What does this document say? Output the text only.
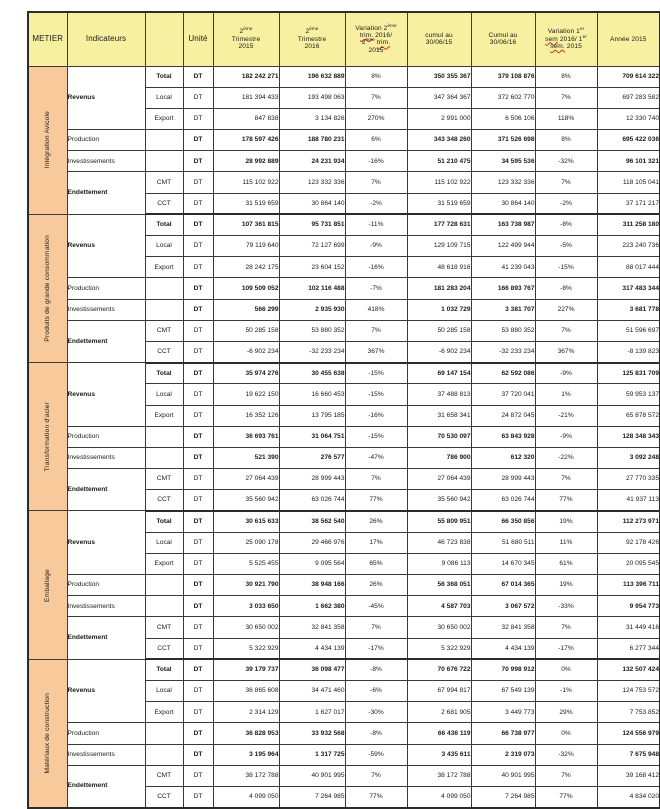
METIER	Indicateurs		Unité	2ème
Trimestre
2015	2ème
Trimestre
2016	Variation 2ème
trim. 2016/
2ème trim.
2015	cumul au
30/06/15	Cumul au
30/06/16	Variation 1er
sem 2016/ 1er
sem. 2015	Année 2015

Intégration Avicole	Revenus	Total	DT	182 242 271	196 632 889	8%	350 355 367	379 108 876	8%	709 614 322
		Local	DT	181 394 433	193 498 063	7%	347 364 367	372 602 770	7%	697 283 582
		Export	DT	847 838	3 134 826	270%	2 991 000	6 506 106	118%	12 330 740
	Production		DT	178 597 426	188 780 231	6%	343 348 260	371 526 698	8%	695 422 036
	Investissements		DT	28 992 889	24 231 934	-16%	51 210 475	34 595 536	-32%	96 101 321
	Endettement	CMT	DT	115 102 922	123 332 336	7%	115 102 922	123 332 336	7%	118 105 041
		CCT	DT	31 519 659	30 864 140	-2%	31 519 659	30 864 140	-2%	37 171 217

Produits de grande consommation	Revenus	Total	DT	107 361 815	95 731 851	-11%	177 728 631	163 738 987	-8%	311 258 180
		Local	DT	79 119 640	72 127 699	-9%	129 109 715	122 499 944	-5%	223 240 736
		Export	DT	28 242 175	23 604 152	-16%	48 618 916	41 239 043	-15%	88 017 444
	Production		DT	109 509 052	102 116 488	-7%	181 283 204	166 893 767	-8%	317 483 344
	Investissements		DT	566 299	2 935 930	418%	1 032 729	3 381 707	227%	3 681 778
	Endettement	CMT	DT	50 285 158	53 880 352	7%	50 285 158	53 880 352	7%	51 596 697
		CCT	DT	-6 902 234	-32 233 234	367%	-6 902 234	-32 233 234	367%	-8 139 823

Transformation d'acier	Revenus	Total	DT	35 974 276	30 455 638	-15%	69 147 154	62 592 086	-9%	125 831 709
		Local	DT	19 622 150	16 660 453	-15%	37 488 813	37 720 041	1%	59 953 137
		Export	DT	16 352 126	13 795 185	-16%	31 658 341	24 872 045	-21%	65 878 572
	Production		DT	36 693 761	31 064 751	-15%	70 530 097	63 843 928	-9%	128 348 343
	Investissements		DT	521 390	276 577	-47%	786 900	612 320	-22%	3 092 248
	Endettement	CMT	DT	27 064 439	28 999 443	7%	27 064 439	28 999 443	7%	27 770 335
		CCT	DT	35 560 942	63 026 744	77%	35 560 942	63 026 744	77%	41 937 113

Emballage	Revenus	Total	DT	30 615 633	38 562 540	26%	55 809 951	66 350 856	19%	112 273 971
		Local	DT	25 090 178	29 466 976	17%	46 723 838	51 680 511	11%	92 178 426
		Export	DT	5 525 455	9 095 564	65%	9 086 113	14 670 345	61%	20 095 545
	Production		DT	30 921 790	38 948 166	26%	56 368 051	67 014 365	19%	113 396 711
	Investissements		DT	3 033 650	1 662 380	-45%	4 587 703	3 067 572	-33%	9 954 773
	Endettement	CMT	DT	30 650 002	32 841 358	7%	30 650 002	32 841 358	7%	31 449 416
		CCT	DT	5 322 929	4 434 139	-17%	5 322 929	4 434 139	-17%	6 277 344

Matériaux de construction	Revenus	Total	DT	39 179 737	36 098 477	-8%	70 676 722	70 998 912	0%	132 507 424
		Local	DT	36 865 608	34 471 460	-6%	67 994 817	67 549 139	-1%	124 753 572
		Export	DT	2 314 129	1 627 017	-30%	2 681 905	3 449 773	29%	7 753 852
	Production		DT	36 828 953	33 932 568	-8%	66 436 119	66 738 977	0%	124 556 979
	Investissements		DT	3 195 964	1 317 725	-59%	3 435 611	2 319 073	-32%	7 675 948
	Endettement	CMT	DT	38 172 788	40 901 995	7%	38 172 788	40 901 995	7%	39 168 412
		CCT	DT	4 099 050	7 264 985	77%	4 099 050	7 264 985	77%	4 834 020
